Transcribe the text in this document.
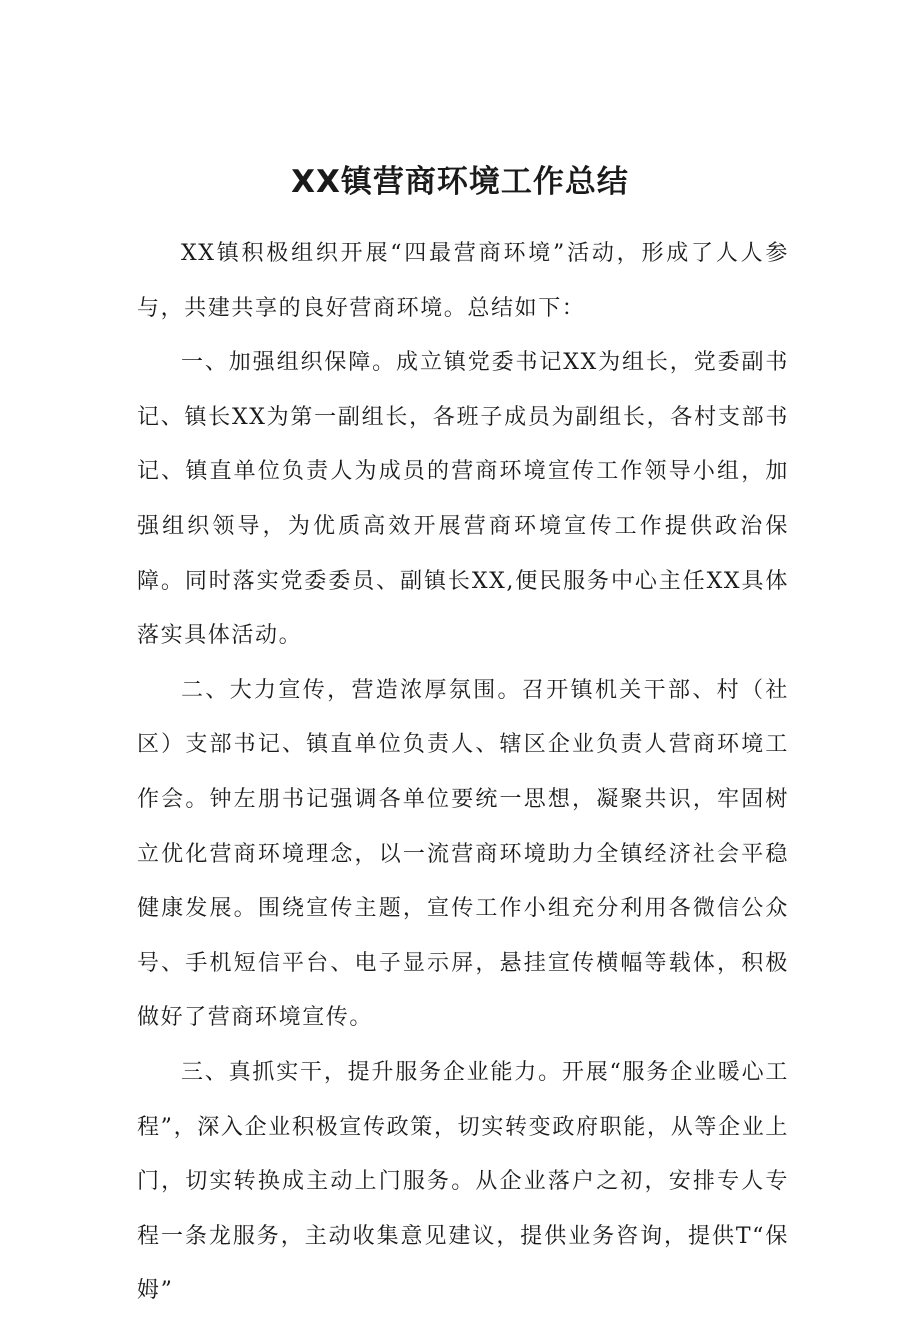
XX镇营商环境工作总结

XX镇积极组织开展“四最营商环境”活动，形成了人人参与，共建共享的良好营商环境。总结如下：

一、加强组织保障。成立镇党委书记XX为组长，党委副书记、镇长XX为第一副组长，各班子成员为副组长，各村支部书记、镇直单位负责人为成员的营商环境宣传工作领导小组，加强组织领导，为优质高效开展营商环境宣传工作提供政治保障。同时落实党委委员、副镇长XX,便民服务中心主任XX具体落实具体活动。

二、大力宣传，营造浓厚氛围。召开镇机关干部、村（社区）支部书记、镇直单位负责人、辖区企业负责人营商环境工作会。钟左朋书记强调各单位要统一思想，凝聚共识，牢固树立优化营商环境理念，以一流营商环境助力全镇经济社会平稳健康发展。围绕宣传主题，宣传工作小组充分利用各微信公众号、手机短信平台、电子显示屏，悬挂宣传横幅等载体，积极做好了营商环境宣传。

三、真抓实干，提升服务企业能力。开展“服务企业暖心工程”，深入企业积极宣传政策，切实转变政府职能，从等企业上门，切实转换成主动上门服务。从企业落户之初，安排专人专程一条龙服务，主动收集意见建议，提供业务咨询，提供T“保姆”
